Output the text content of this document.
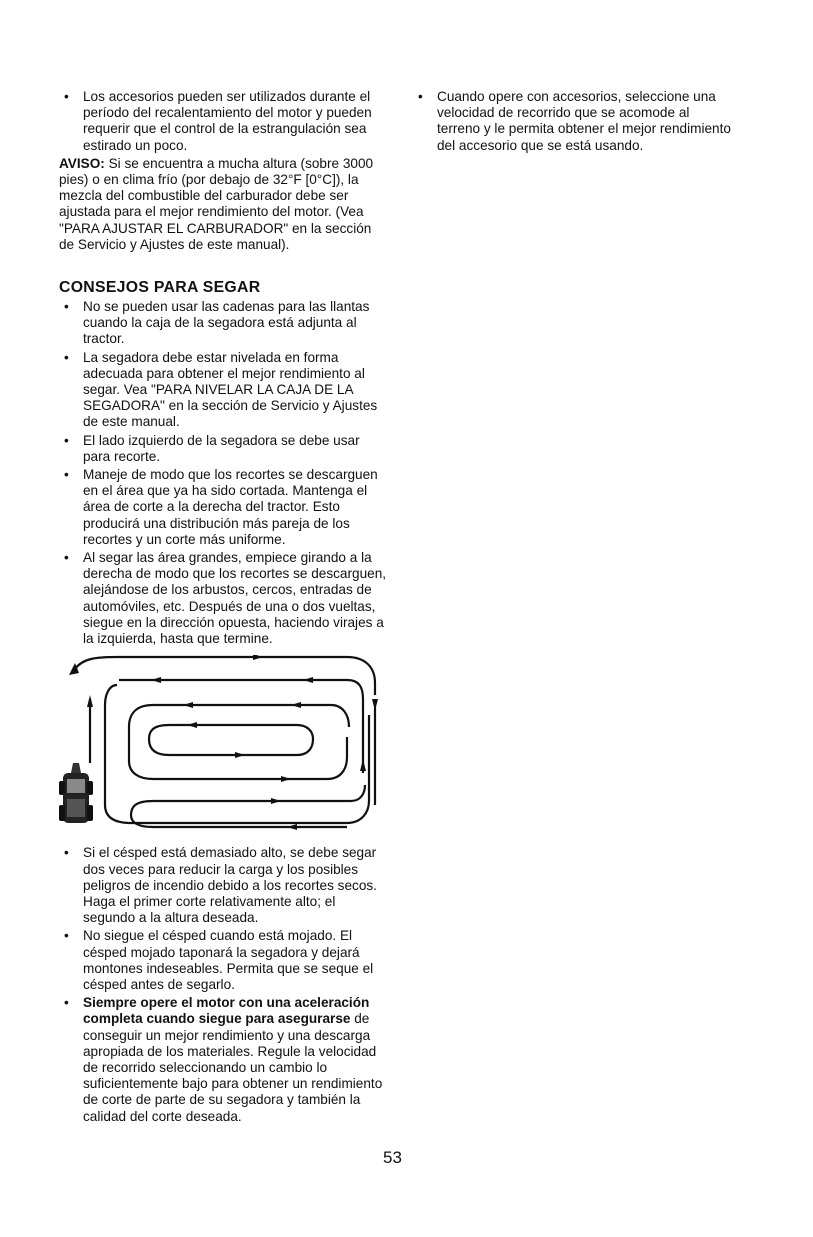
• Los accesorios pueden ser utilizados durante el período del recalentamiento del motor y pueden requerir que el control de la estrangulación sea estirado un poco.

AVISO: Si se encuentra a mucha altura (sobre 3000 pies) o en clima frío (por debajo de 32°F [0°C]), la mezcla del combustible del carburador debe ser ajustada para el mejor rendimiento del motor. (Vea "PARA AJUSTAR EL CARBURADOR" en la sección de Servicio y Ajustes de este manual).

CONSEJOS PARA SEGAR
• No se pueden usar las cadenas para las llantas cuando la caja de la segadora está adjunta al tractor.
• La segadora debe estar nivelada en forma adecuada para obtener el mejor rendimiento al segar. Vea "PARA NIVELAR LA CAJA DE LA SEGADORA" en la sección de Servicio y Ajustes de este manual.
• El lado izquierdo de la segadora se debe usar para recorte.
• Maneje de modo que los recortes se descarguen en el área que ya ha sido cortada. Mantenga el área de corte a la derecha del tractor. Esto producirá una distribución más pareja de los recortes y un corte más uniforme.
• Al segar las área grandes, empiece girando a la derecha de modo que los recortes se descarguen, alejándose de los arbustos, cercos, entradas de automóviles, etc. Después de una o dos vueltas, siegue en la dirección opuesta, haciendo virajes a la izquierda, hasta que termine.
• Si el césped está demasiado alto, se debe segar dos veces para reducir la carga y los posibles peligros de incendio debido a los recortes secos. Haga el primer corte relativamente alto; el segundo a la altura deseada.
• No siegue el césped cuando está mojado. El césped mojado taponará la segadora y dejará montones indeseables. Permita que se seque el césped antes de segarlo.
• Siempre opere el motor con una aceleración completa cuando siegue para asegurarse de conseguir un mejor rendimiento y una descarga apropiada de los materiales. Regule la velocidad de recorrido seleccionando un cambio lo suficientemente bajo para obtener un rendimiento de corte de parte de su segadora y también la calidad del corte deseada.
• Cuando opere con accesorios, seleccione una velocidad de recorrido que se acomode al terreno y le permita obtener el mejor rendimiento del accesorio que se está usando.
53
